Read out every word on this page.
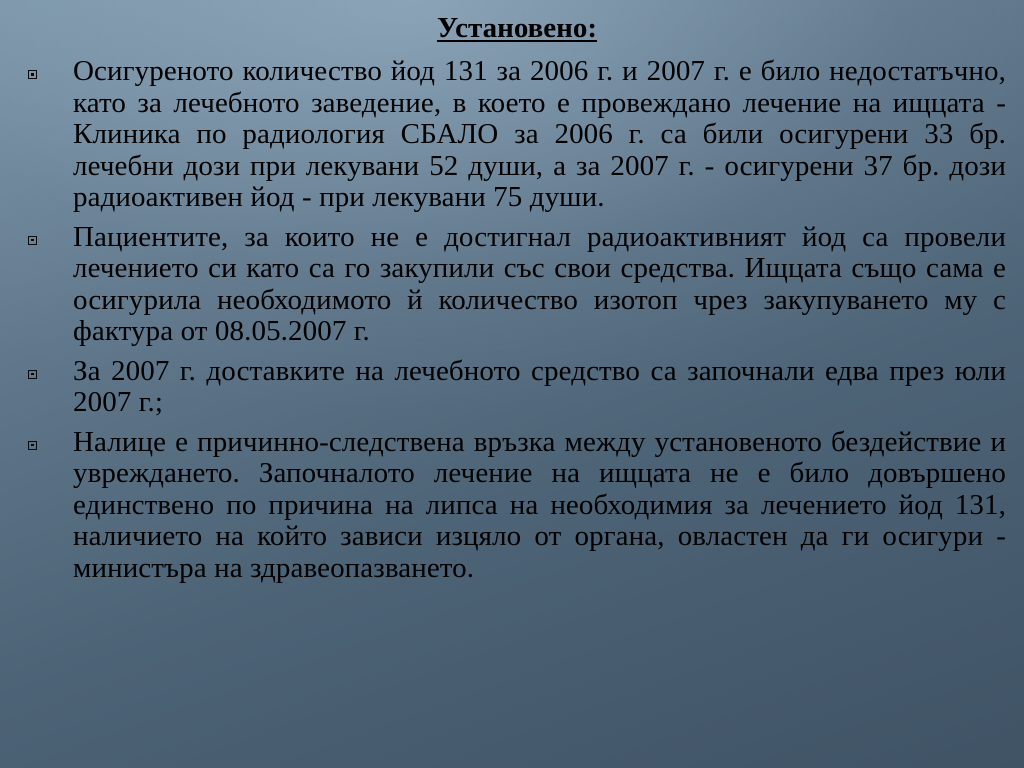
Установено:
Осигуреното количество йод 131 за 2006 г. и 2007 г. е било недостатъчно, като за лечебното заведение, в което е провеждано лечение на ищцата - Клиника по радиология СБАЛО за 2006 г. са били осигурени 33 бр. лечебни дози при лекувани 52 души, а за 2007 г. - осигурени 37 бр. дози радиоактивен йод - при лекувани 75 души.
Пациентите, за които не е достигнал радиоактивният йод са провели лечението си като са го закупили със свои средства. Ищцата също сама е осигурила необходимото й количество изотоп чрез закупуването му с фактура от 08.05.2007 г.
За 2007 г. доставките на лечебното средство са започнали едва през юли 2007 г.;
Налице е причинно-следствена връзка между установеното бездействие и увреждането. Започналото лечение на ищцата не е било довършено единствено по причина на липса на необходимия за лечението йод 131, наличието на който зависи изцяло от органа, овластен да ги осигури - министъра на здравеопазването.
